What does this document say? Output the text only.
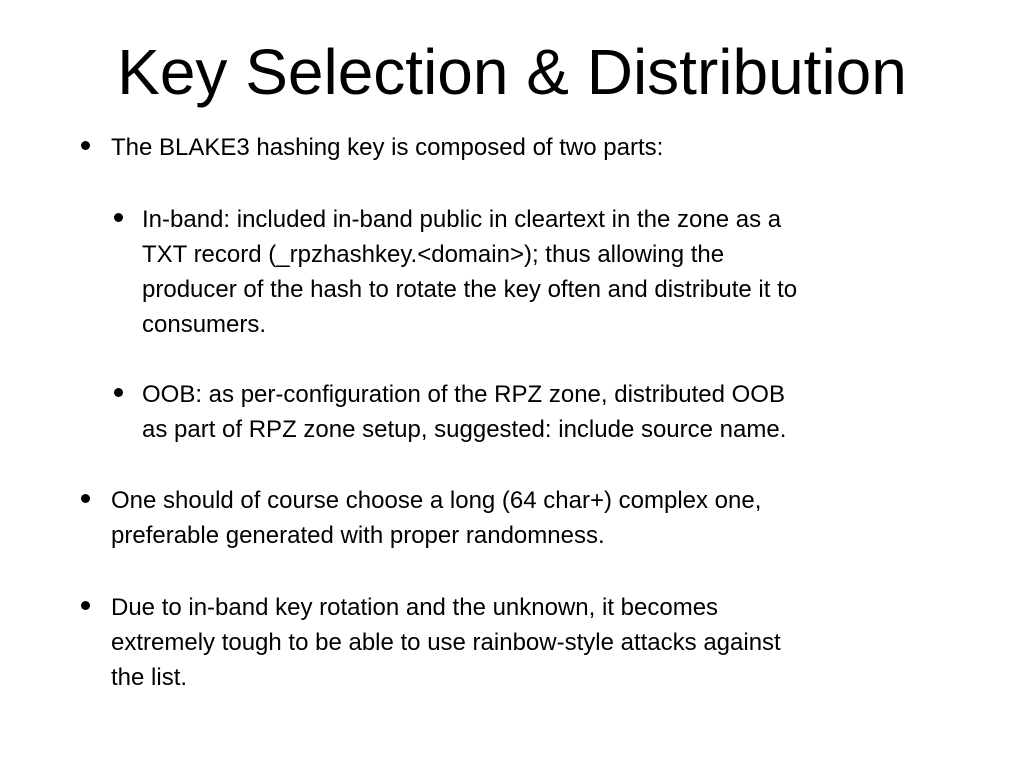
Key Selection & Distribution
The BLAKE3 hashing key is composed of two parts:
In-band: included in-band public in cleartext in the zone as a
TXT record (_rpzhashkey.<domain>); thus allowing the
producer of the hash to rotate the key often and distribute it to
consumers.
OOB: as per-configuration of the RPZ zone, distributed OOB
as part of RPZ zone setup, suggested: include source name.
One should of course choose a long (64 char+) complex one,
preferable generated with proper randomness.
Due to in-band key rotation and the unknown, it becomes
extremely tough to be able to use rainbow-style attacks against
the list.
